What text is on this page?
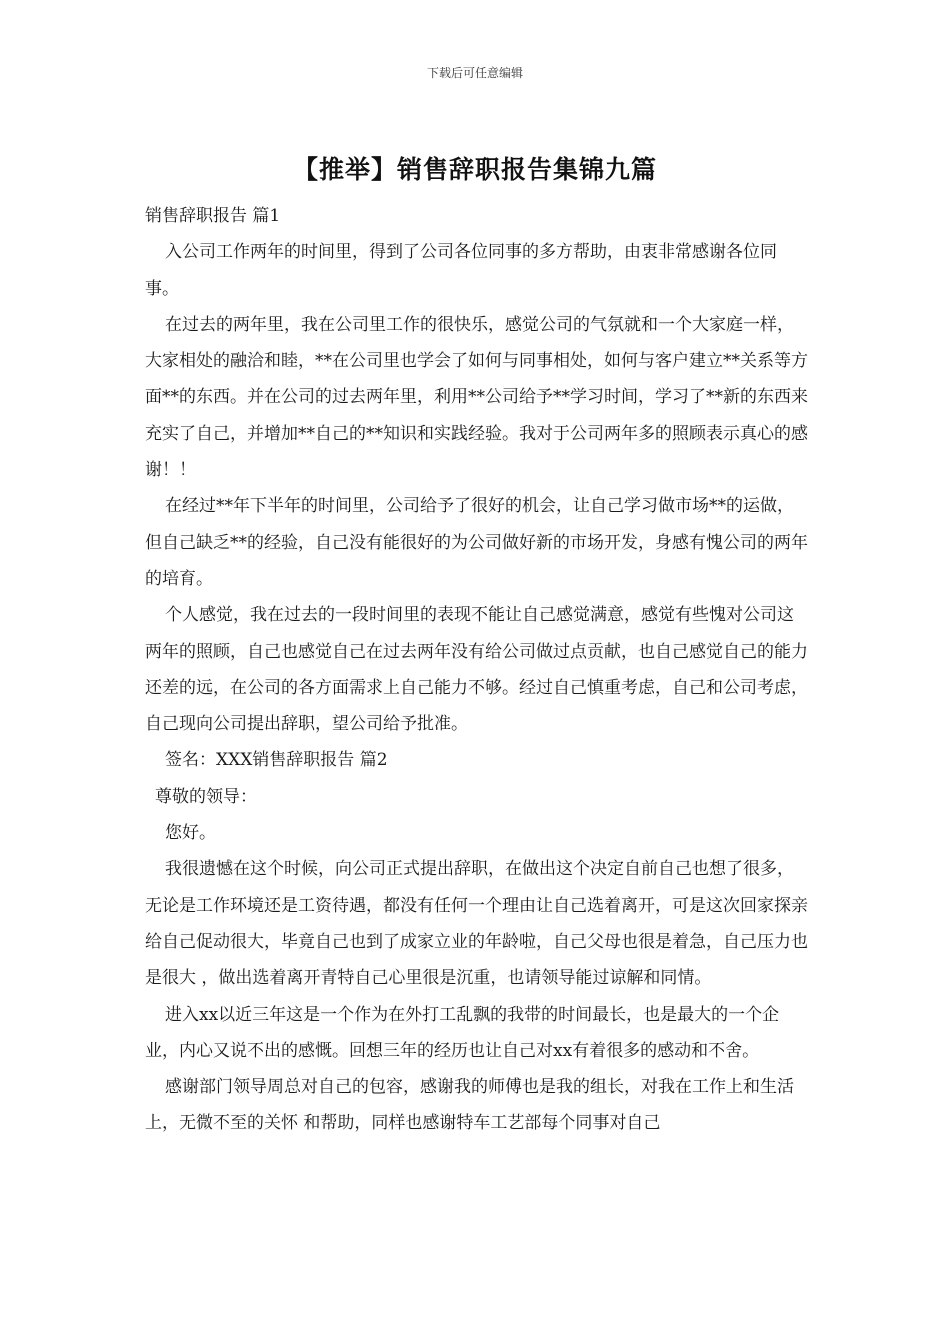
下载后可任意编辑
【推举】销售辞职报告集锦九篇

销售辞职报告 篇1

入公司工作两年的时间里，得到了公司各位同事的多方帮助，由衷非常感谢各位同事。

在过去的两年里，我在公司里工作的很快乐，感觉公司的气氛就和一个大家庭一样，大家相处的融洽和睦，**在公司里也学会了如何与同事相处，如何与客户建立**关系等方面**的东西。并在公司的过去两年里，利用**公司给予**学习时间，学习了**新的东西来充实了自己，并增加**自己的**知识和实践经验。我对于公司两年多的照顾表示真心的感谢！！

在经过**年下半年的时间里，公司给予了很好的机会，让自己学习做市场**的运做，但自己缺乏**的经验，自己没有能很好的为公司做好新的市场开发，身感有愧公司的两年的培育。

个人感觉，我在过去的一段时间里的表现不能让自己感觉满意，感觉有些愧对公司这两年的照顾，自己也感觉自己在过去两年没有给公司做过点贡献，也自己感觉自己的能力还差的远，在公司的各方面需求上自己能力不够。经过自己慎重考虑，自己和公司考虑，自己现向公司提出辞职，望公司给予批准。

签名：XXX销售辞职报告 篇2

尊敬的领导：

您好。

我很遗憾在这个时候，向公司正式提出辞职，在做出这个决定自前自己也想了很多，无论是工作环境还是工资待遇，都没有任何一个理由让自己选着离开，可是这次回家探亲给自己促动很大，毕竟自己也到了成家立业的年龄啦，自己父母也很是着急，自己压力也是很大 ，做出选着离开青特自己心里很是沉重，也请领导能过谅解和同情。

进入xx以近三年这是一个作为在外打工乱飘的我带的时间最长，也是最大的一个企业，内心又说不出的感慨。回想三年的经历也让自己对xx有着很多的感动和不舍。

感谢部门领导周总对自己的包容，感谢我的师傅也是我的组长，对我在工作上和生活上，无微不至的关怀 和帮助，同样也感谢特车工艺部每个同事对自己
